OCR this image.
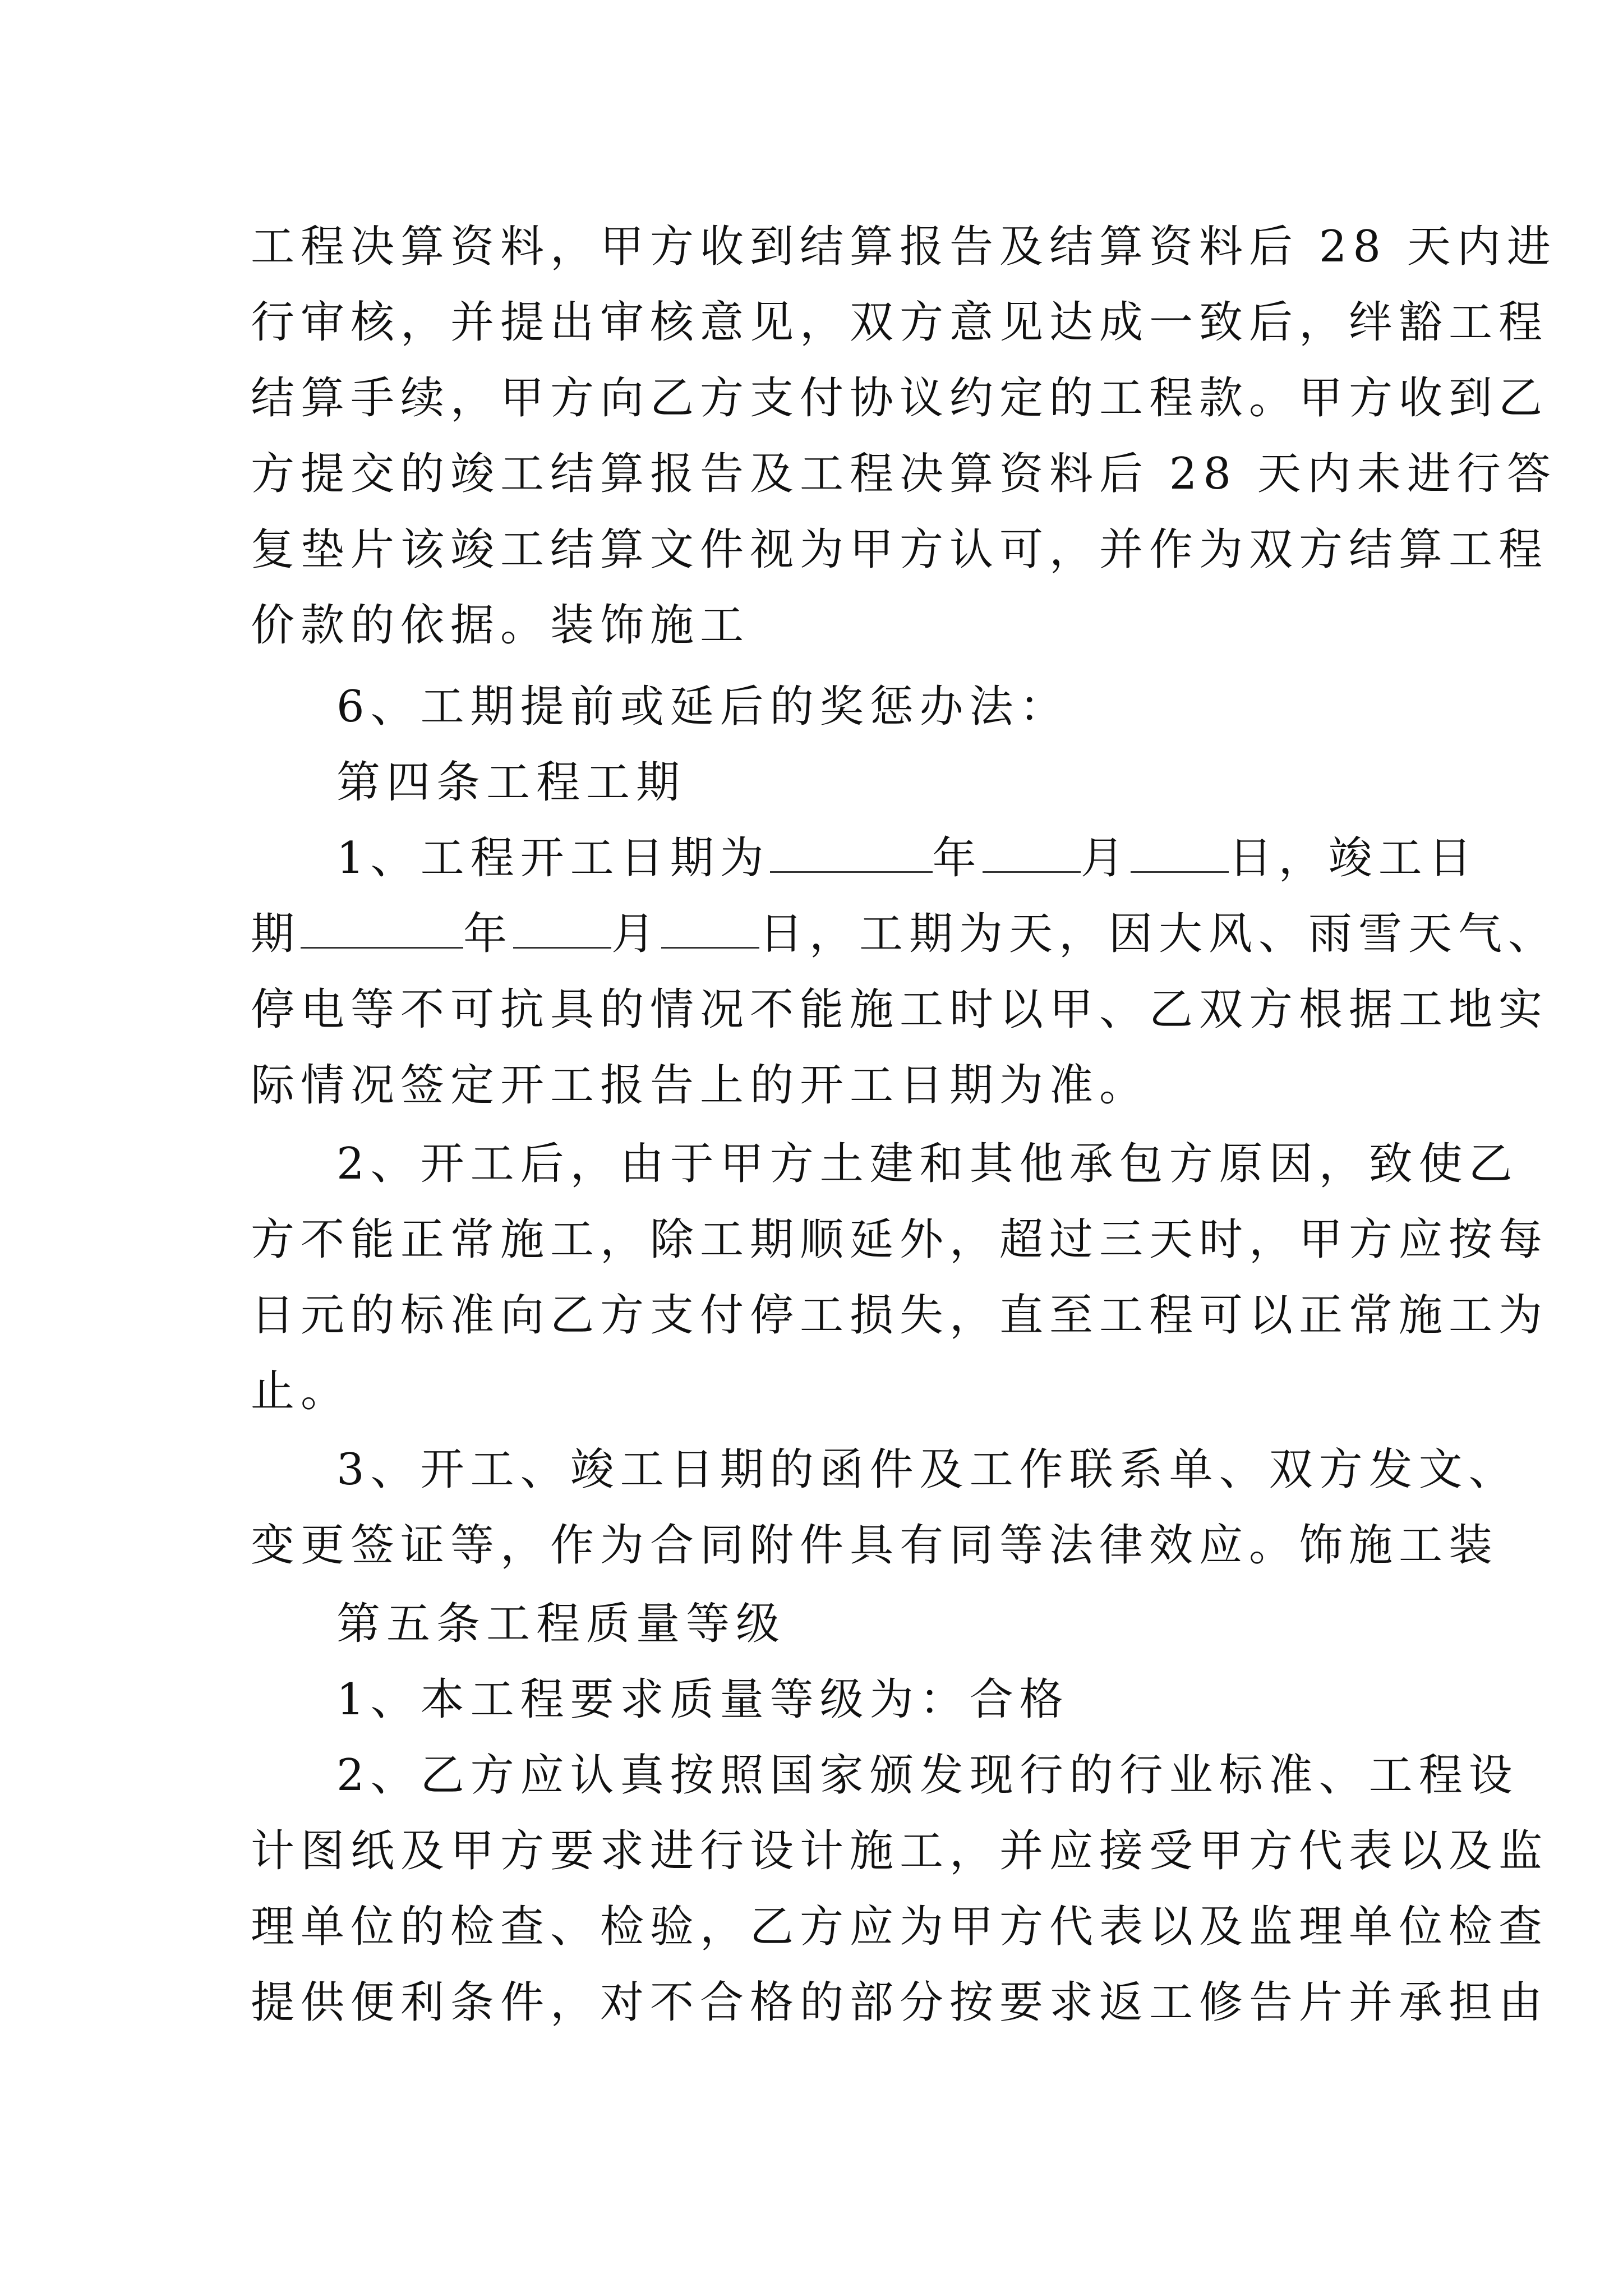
工程决算资料，甲方收到结算报告及结算资料后 28 天内进
行审核，并提出审核意见，双方意见达成一致后，绊豁工程
结算手续，甲方向乙方支付协议约定的工程款。甲方收到乙
方提交的竣工结算报告及工程决算资料后 28 天内未进行答
复垫片该竣工结算文件视为甲方认可，并作为双方结算工程
价款的依据。装饰施工
6、工期提前或延后的奖惩办法：
第四条工程工期
1、工程开工日期为	年 月 日，竣工日
期	年 月 日，工期为天，因大风、雨雪天气、
停电等不可抗具的情况不能施工时以甲、乙双方根据工地实
际情况签定开工报告上的开工日期为准。
2、开工后，由于甲方土建和其他承包方原因，致使乙
方不能正常施工，除工期顺延外，超过三天时，甲方应按每
日元的标准向乙方支付停工损失，直至工程可以正常施工为
止。
3、开工、竣工日期的函件及工作联系单、双方发文、
变更签证等，作为合同附件具有同等法律效应。饰施工装
第五条工程质量等级
1、本工程要求质量等级为：合格
2、乙方应认真按照国家颁发现行的行业标准、工程设
计图纸及甲方要求进行设计施工，并应接受甲方代表以及监
理单位的检查、检验，乙方应为甲方代表以及监理单位检查
提供便利条件，对不合格的部分按要求返工修告片并承担由
